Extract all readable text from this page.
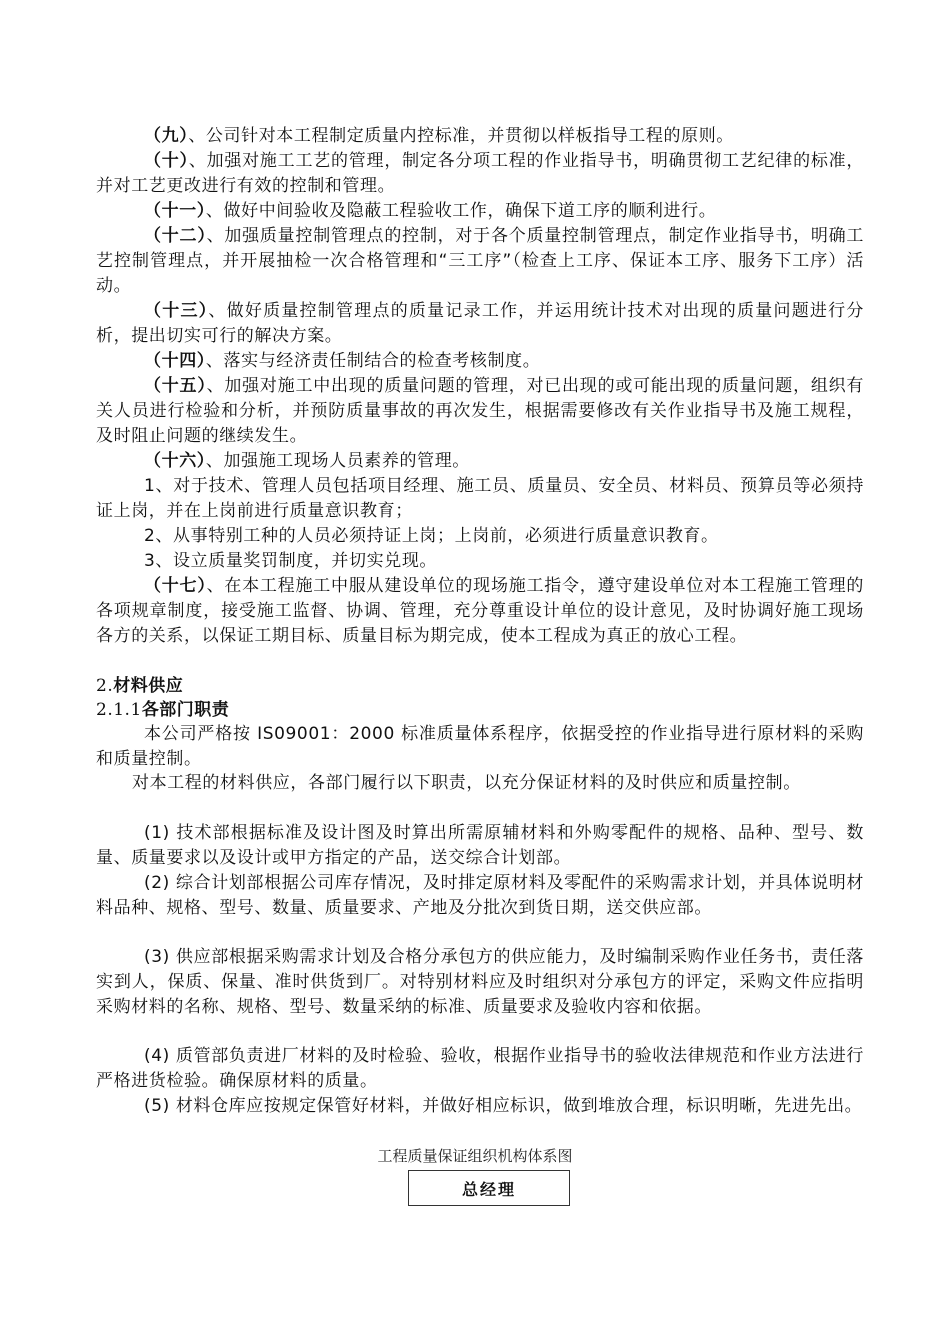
（九）、公司针对本工程制定质量内控标准，并贯彻以样板指导工程的原则。

（十）、加强对施工工艺的管理，制定各分项工程的作业指导书，明确贯彻工艺纪律的标准，并对工艺更改进行有效的控制和管理。

（十一）、做好中间验收及隐蔽工程验收工作，确保下道工序的顺利进行。

（十二）、加强质量控制管理点的控制，对于各个质量控制管理点，制定作业指导书，明确工艺控制管理点，并开展抽检一次合格管理和“三工序”（检查上工序、保证本工序、服务下工序）活动。

（十三）、做好质量控制管理点的质量记录工作，并运用统计技术对出现的质量问题进行分析，提出切实可行的解决方案。

（十四）、落实与经济责任制结合的检查考核制度。

（十五）、加强对施工中出现的质量问题的管理，对已出现的或可能出现的质量问题，组织有关人员进行检验和分析，并预防质量事故的再次发生，根据需要修改有关作业指导书及施工规程，及时阻止问题的继续发生。

（十六）、加强施工现场人员素养的管理。

1、对于技术、管理人员包括项目经理、施工员、质量员、安全员、材料员、预算员等必须持证上岗，并在上岗前进行质量意识教育；

2、从事特别工种的人员必须持证上岗；上岗前，必须进行质量意识教育。

3、设立质量奖罚制度，并切实兑现。

（十七）、在本工程施工中服从建设单位的现场施工指令，遵守建设单位对本工程施工管理的各项规章制度，接受施工监督、协调、管理，充分尊重设计单位的设计意见，及时协调好施工现场各方的关系，以保证工期目标、质量目标为期完成，使本工程成为真正的放心工程。

2.材料供应
2.1.1各部门职责

本公司严格按 IS09001：2000 标准质量体系程序，依据受控的作业指导进行原材料的采购和质量控制。

对本工程的材料供应，各部门履行以下职责，以充分保证材料的及时供应和质量控制。

(1) 技术部根据标准及设计图及时算出所需原辅材料和外购零配件的规格、品种、型号、数量、质量要求以及设计或甲方指定的产品，送交综合计划部。

(2) 综合计划部根据公司库存情况，及时排定原材料及零配件的采购需求计划，并具体说明材料品种、规格、型号、数量、质量要求、产地及分批次到货日期，送交供应部。

(3) 供应部根据采购需求计划及合格分承包方的供应能力，及时编制采购作业任务书，责任落实到人，保质、保量、准时供货到厂。对特别材料应及时组织对分承包方的评定，采购文件应指明采购材料的名称、规格、型号、数量采纳的标准、质量要求及验收内容和依据。

(4) 质管部负责进厂材料的及时检验、验收，根据作业指导书的验收法律规范和作业方法进行严格进货检验。确保原材料的质量。

(5) 材料仓库应按规定保管好材料，并做好相应标识，做到堆放合理，标识明晰，先进先出。

工程质量保证组织机构体系图
总经理
